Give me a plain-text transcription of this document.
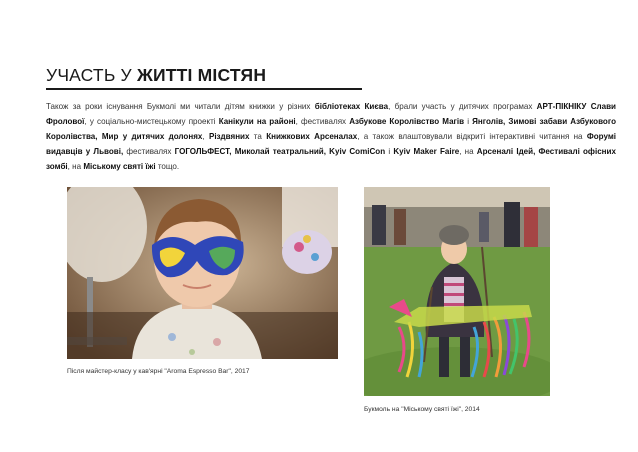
УЧАСТЬ У ЖИТТІ МІСТЯН
Також за роки існування Букмолі ми читали дітям книжки у різних бібліотеках Києва, брали участь у дитячих програмах АРТ-ПІКНІКУ Слави Фролової, у соціально-мистецькому проекті Канікули на районі, фестивалях Азбукове Королівство Магів і Янголів, Зимові забави Азбукового Королівства, Мир у дитячих долонях, Різдвяних та Книжкових Арсеналах, а також влаштовували відкриті інтерактивні читання на Форумі видавців у Львові, фестивалях ГОГОЛЬФЕСТ, Миколай театральний, Kyiv ComiCon і Kyiv Maker Faire, на Арсеналі Ідей, Фестивалі офісних зомбі, на Міському святі їжі тощо.
Після майстер-класу у кав'ярні "Aroma Espresso Bar", 2017
Букмоль на "Міському святі їжі", 2014
